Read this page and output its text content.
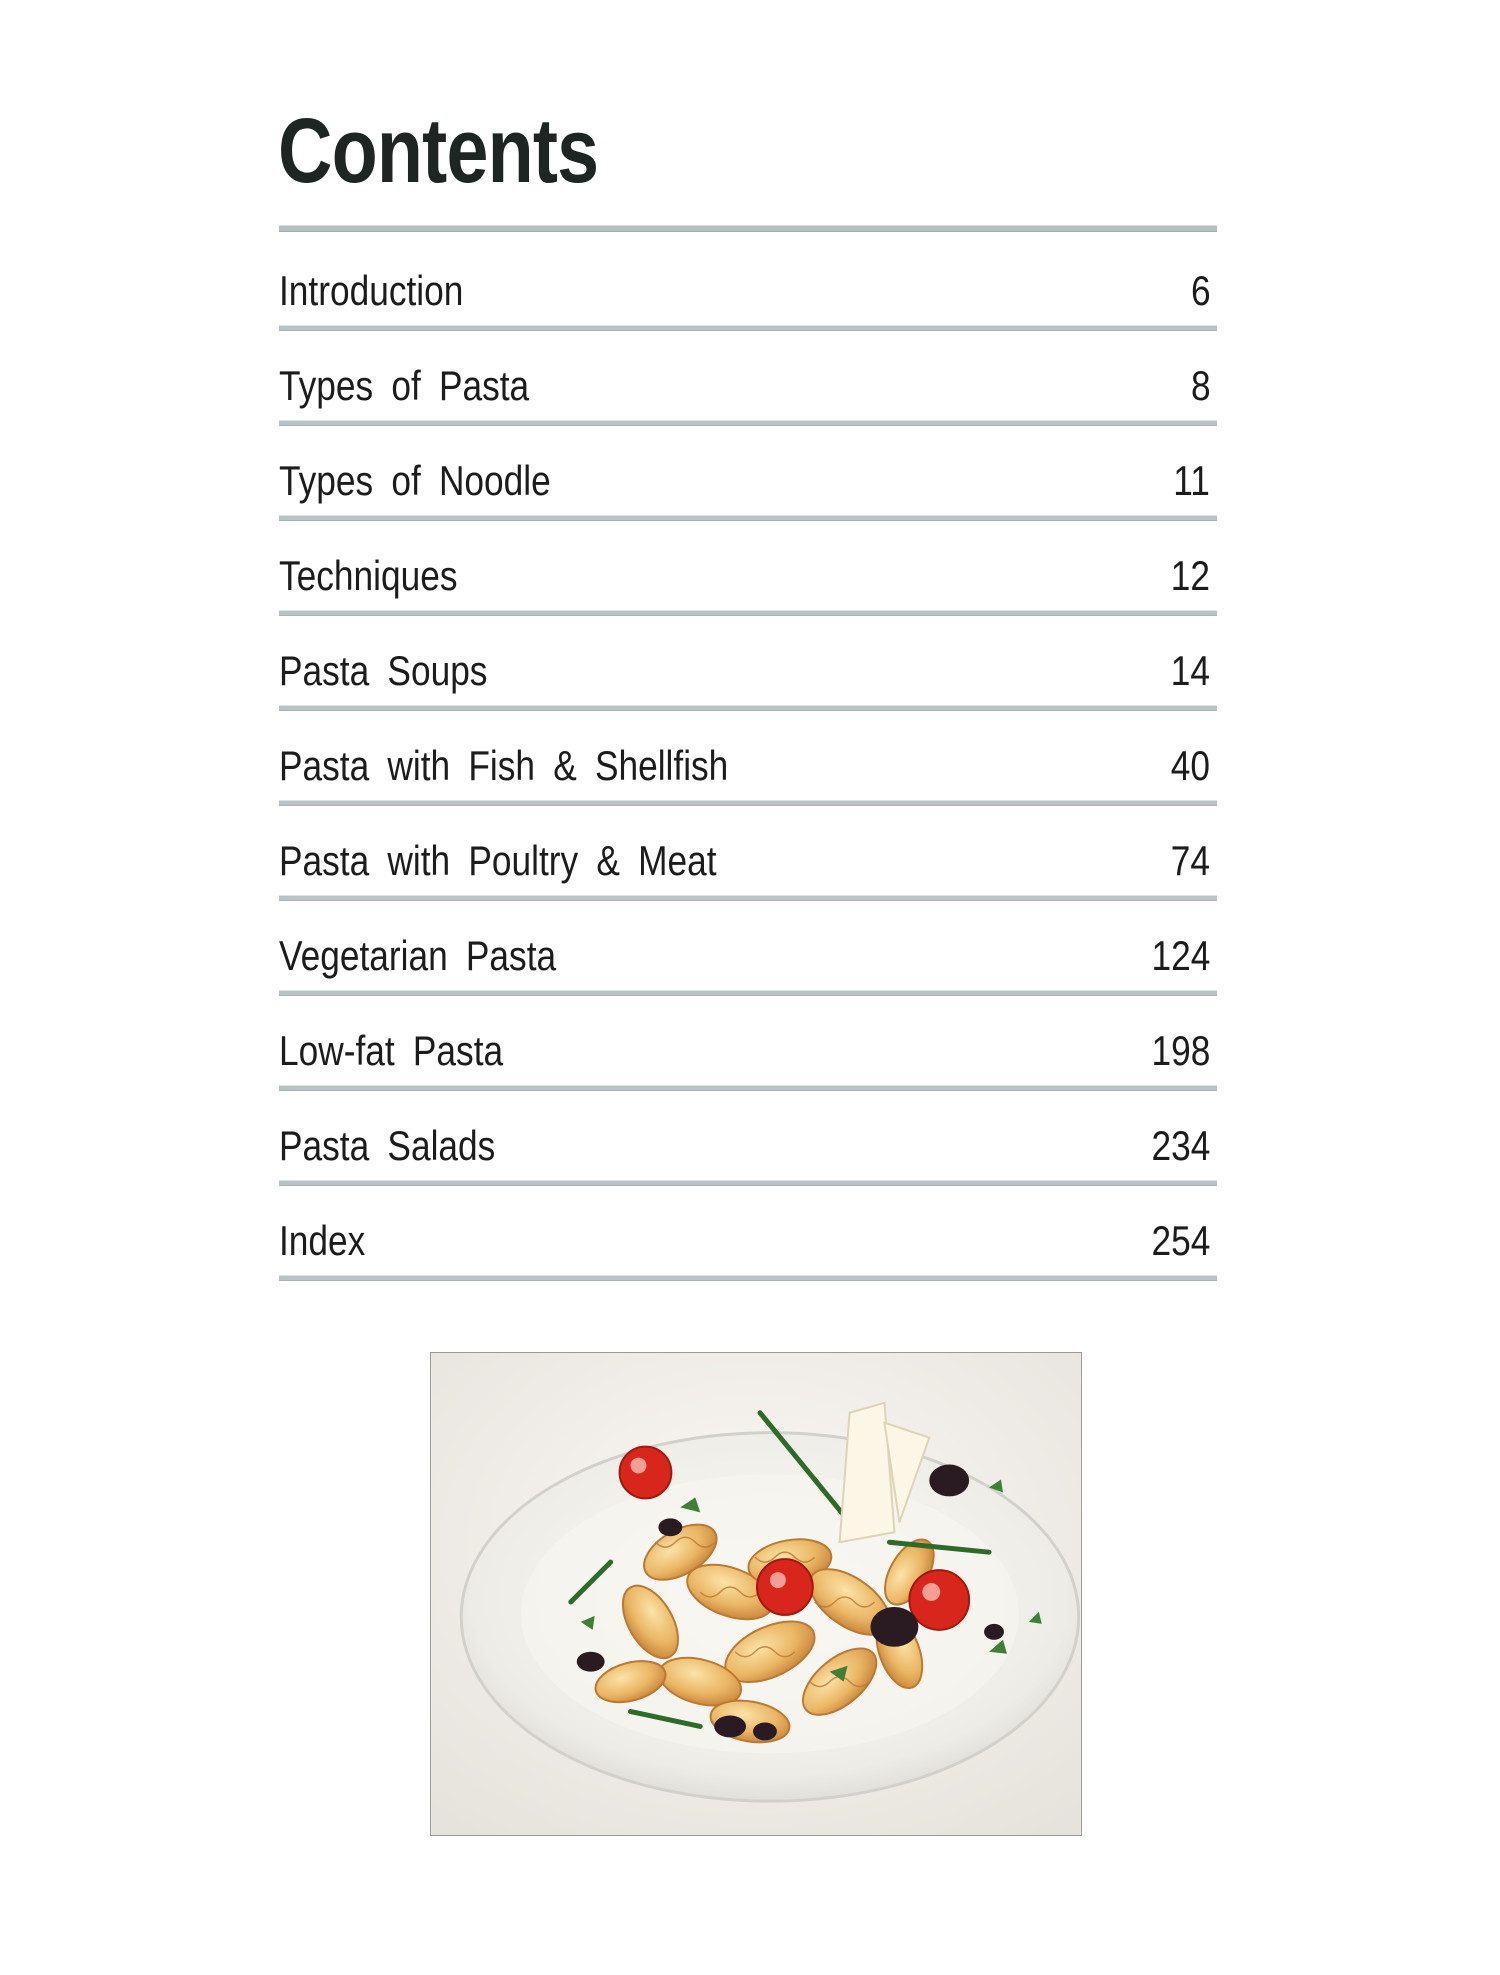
Contents
Introduction	6
Types of Pasta	8
Types of Noodle	11
Techniques	12
Pasta Soups	14
Pasta with Fish & Shellfish	40
Pasta with Poultry & Meat	74
Vegetarian Pasta	124
Low-fat Pasta	198
Pasta Salads	234
Index	254
